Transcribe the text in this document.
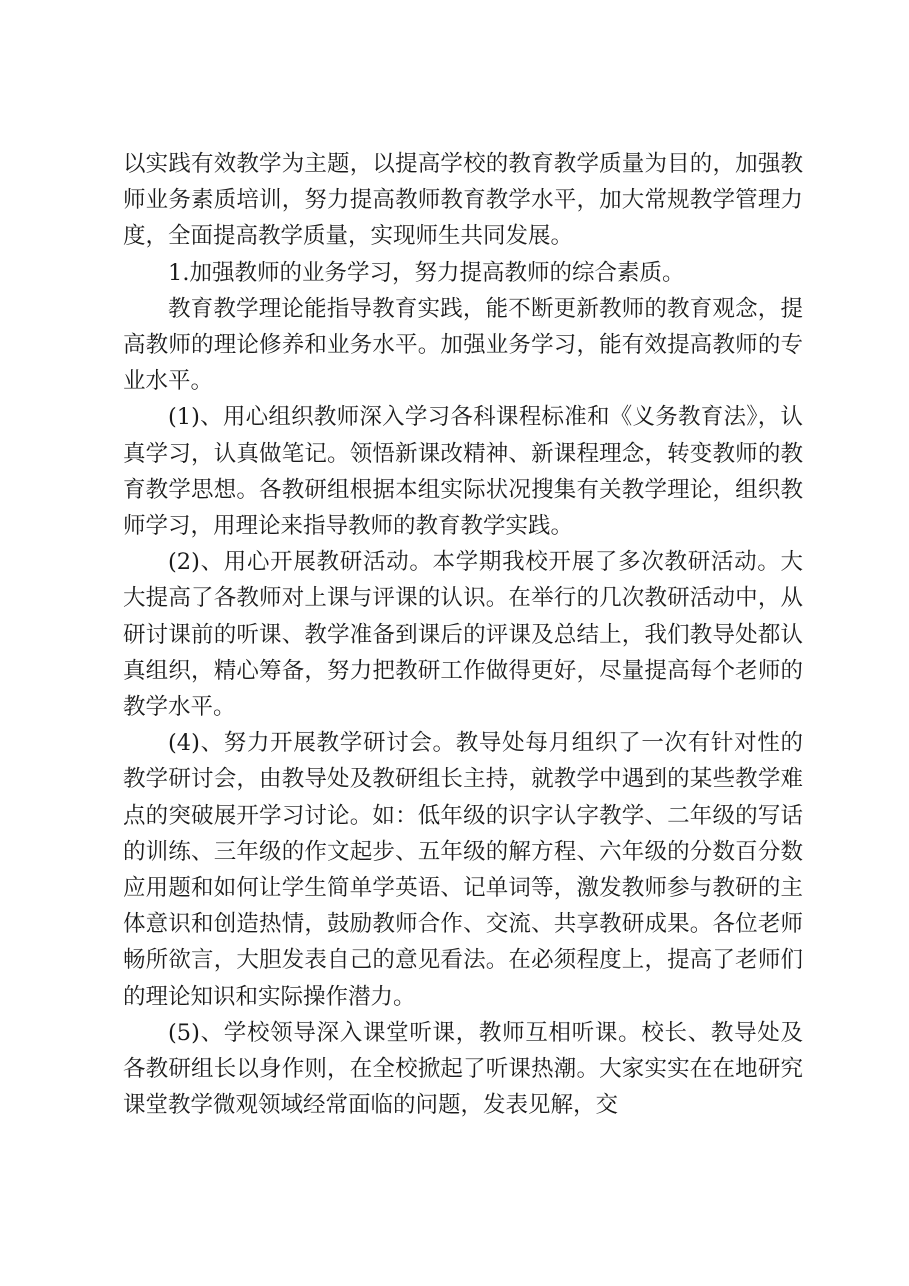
以实践有效教学为主题，以提高学校的教育教学质量为目的，加强教师业务素质培训，努力提高教师教育教学水平，加大常规教学管理力度，全面提高教学质量，实现师生共同发展。

1.加强教师的业务学习，努力提高教师的综合素质。

教育教学理论能指导教育实践，能不断更新教师的教育观念，提高教师的理论修养和业务水平。加强业务学习，能有效提高教师的专业水平。

(1)、用心组织教师深入学习各科课程标准和《义务教育法》，认真学习，认真做笔记。领悟新课改精神、新课程理念，转变教师的教育教学思想。各教研组根据本组实际状况搜集有关教学理论，组织教师学习，用理论来指导教师的教育教学实践。

(2)、用心开展教研活动。本学期我校开展了多次教研活动。大大提高了各教师对上课与评课的认识。在举行的几次教研活动中，从研讨课前的听课、教学准备到课后的评课及总结上，我们教导处都认真组织，精心筹备，努力把教研工作做得更好，尽量提高每个老师的教学水平。

(4)、努力开展教学研讨会。教导处每月组织了一次有针对性的教学研讨会，由教导处及教研组长主持，就教学中遇到的某些教学难点的突破展开学习讨论。如：低年级的识字认字教学、二年级的写话的训练、三年级的作文起步、五年级的解方程、六年级的分数百分数应用题和如何让学生简单学英语、记单词等，激发教师参与教研的主体意识和创造热情，鼓励教师合作、交流、共享教研成果。各位老师畅所欲言，大胆发表自己的意见看法。在必须程度上，提高了老师们的理论知识和实际操作潜力。

(5)、学校领导深入课堂听课，教师互相听课。校长、教导处及各教研组长以身作则，在全校掀起了听课热潮。大家实实在在地研究课堂教学微观领域经常面临的问题，发表见解，交
